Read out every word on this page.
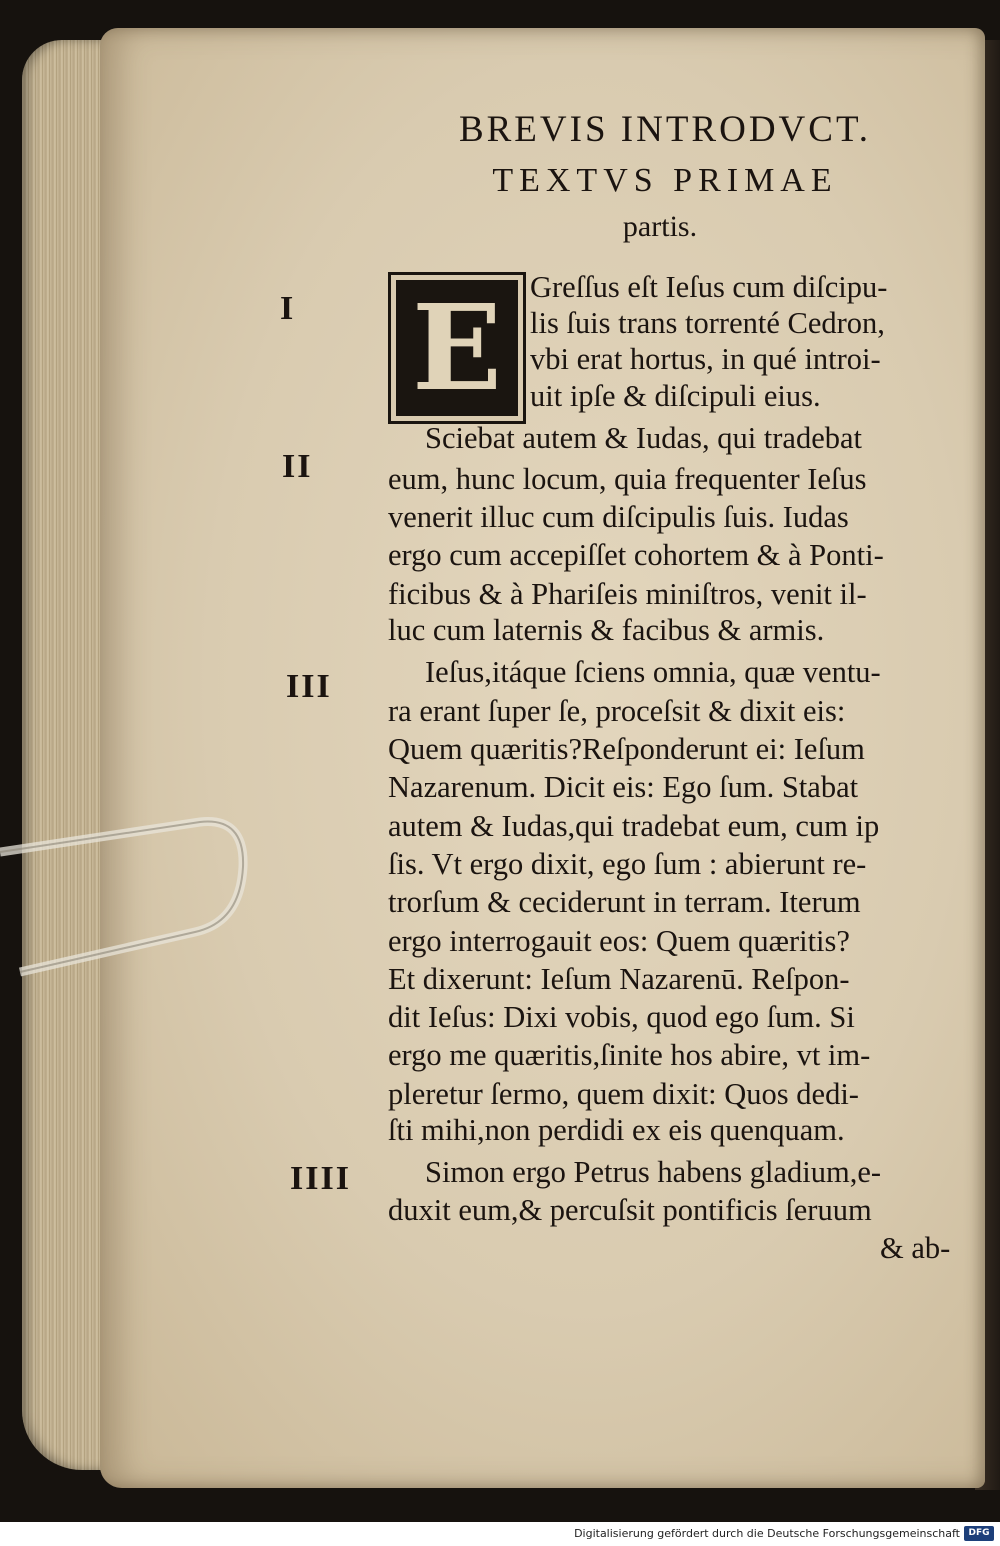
BREVIS INTRODVCT.
TEXTVS PRIMAE
partis.
E
I
II
III
IIII
Greſſus eſt Ieſus cum diſcipu-
lis ſuis trans torrenté Cedron,
vbi erat hortus, in qué introi-
uit ipſe & diſcipuli eius.
Sciebat autem & Iudas, qui tradebat
eum, hunc locum, quia frequenter Ieſus
venerit illuc cum diſcipulis ſuis. Iudas
ergo cum accepiſſet cohortem & à Ponti-
ficibus & à Phariſeis miniſtros, venit il-
luc cum laternis & facibus & armis.
Ieſus,itáque ſciens omnia, quæ ventu-
ra erant ſuper ſe, proceſsit & dixit eis:
Quem quæritis?Reſponderunt ei: Ieſum
Nazarenum. Dicit eis: Ego ſum. Stabat
autem & Iudas,qui tradebat eum, cum ip
ſis. Vt ergo dixit, ego ſum : abierunt re-
trorſum & ceciderunt in terram. Iterum
ergo interrogauit eos: Quem quæritis?
Et dixerunt: Ieſum Nazarenū. Reſpon-
dit Ieſus: Dixi vobis, quod ego ſum. Si
ergo me quæritis,ſinite hos abire, vt im-
pleretur ſermo, quem dixit: Quos dedi-
ſti mihi,non perdidi ex eis quenquam.
Simon ergo Petrus habens gladium,e-
duxit eum,& percuſsit pontificis ſeruum
& ab-
Digitalisierung gefördert durch die Deutsche Forschungsgemeinschaft DFG
